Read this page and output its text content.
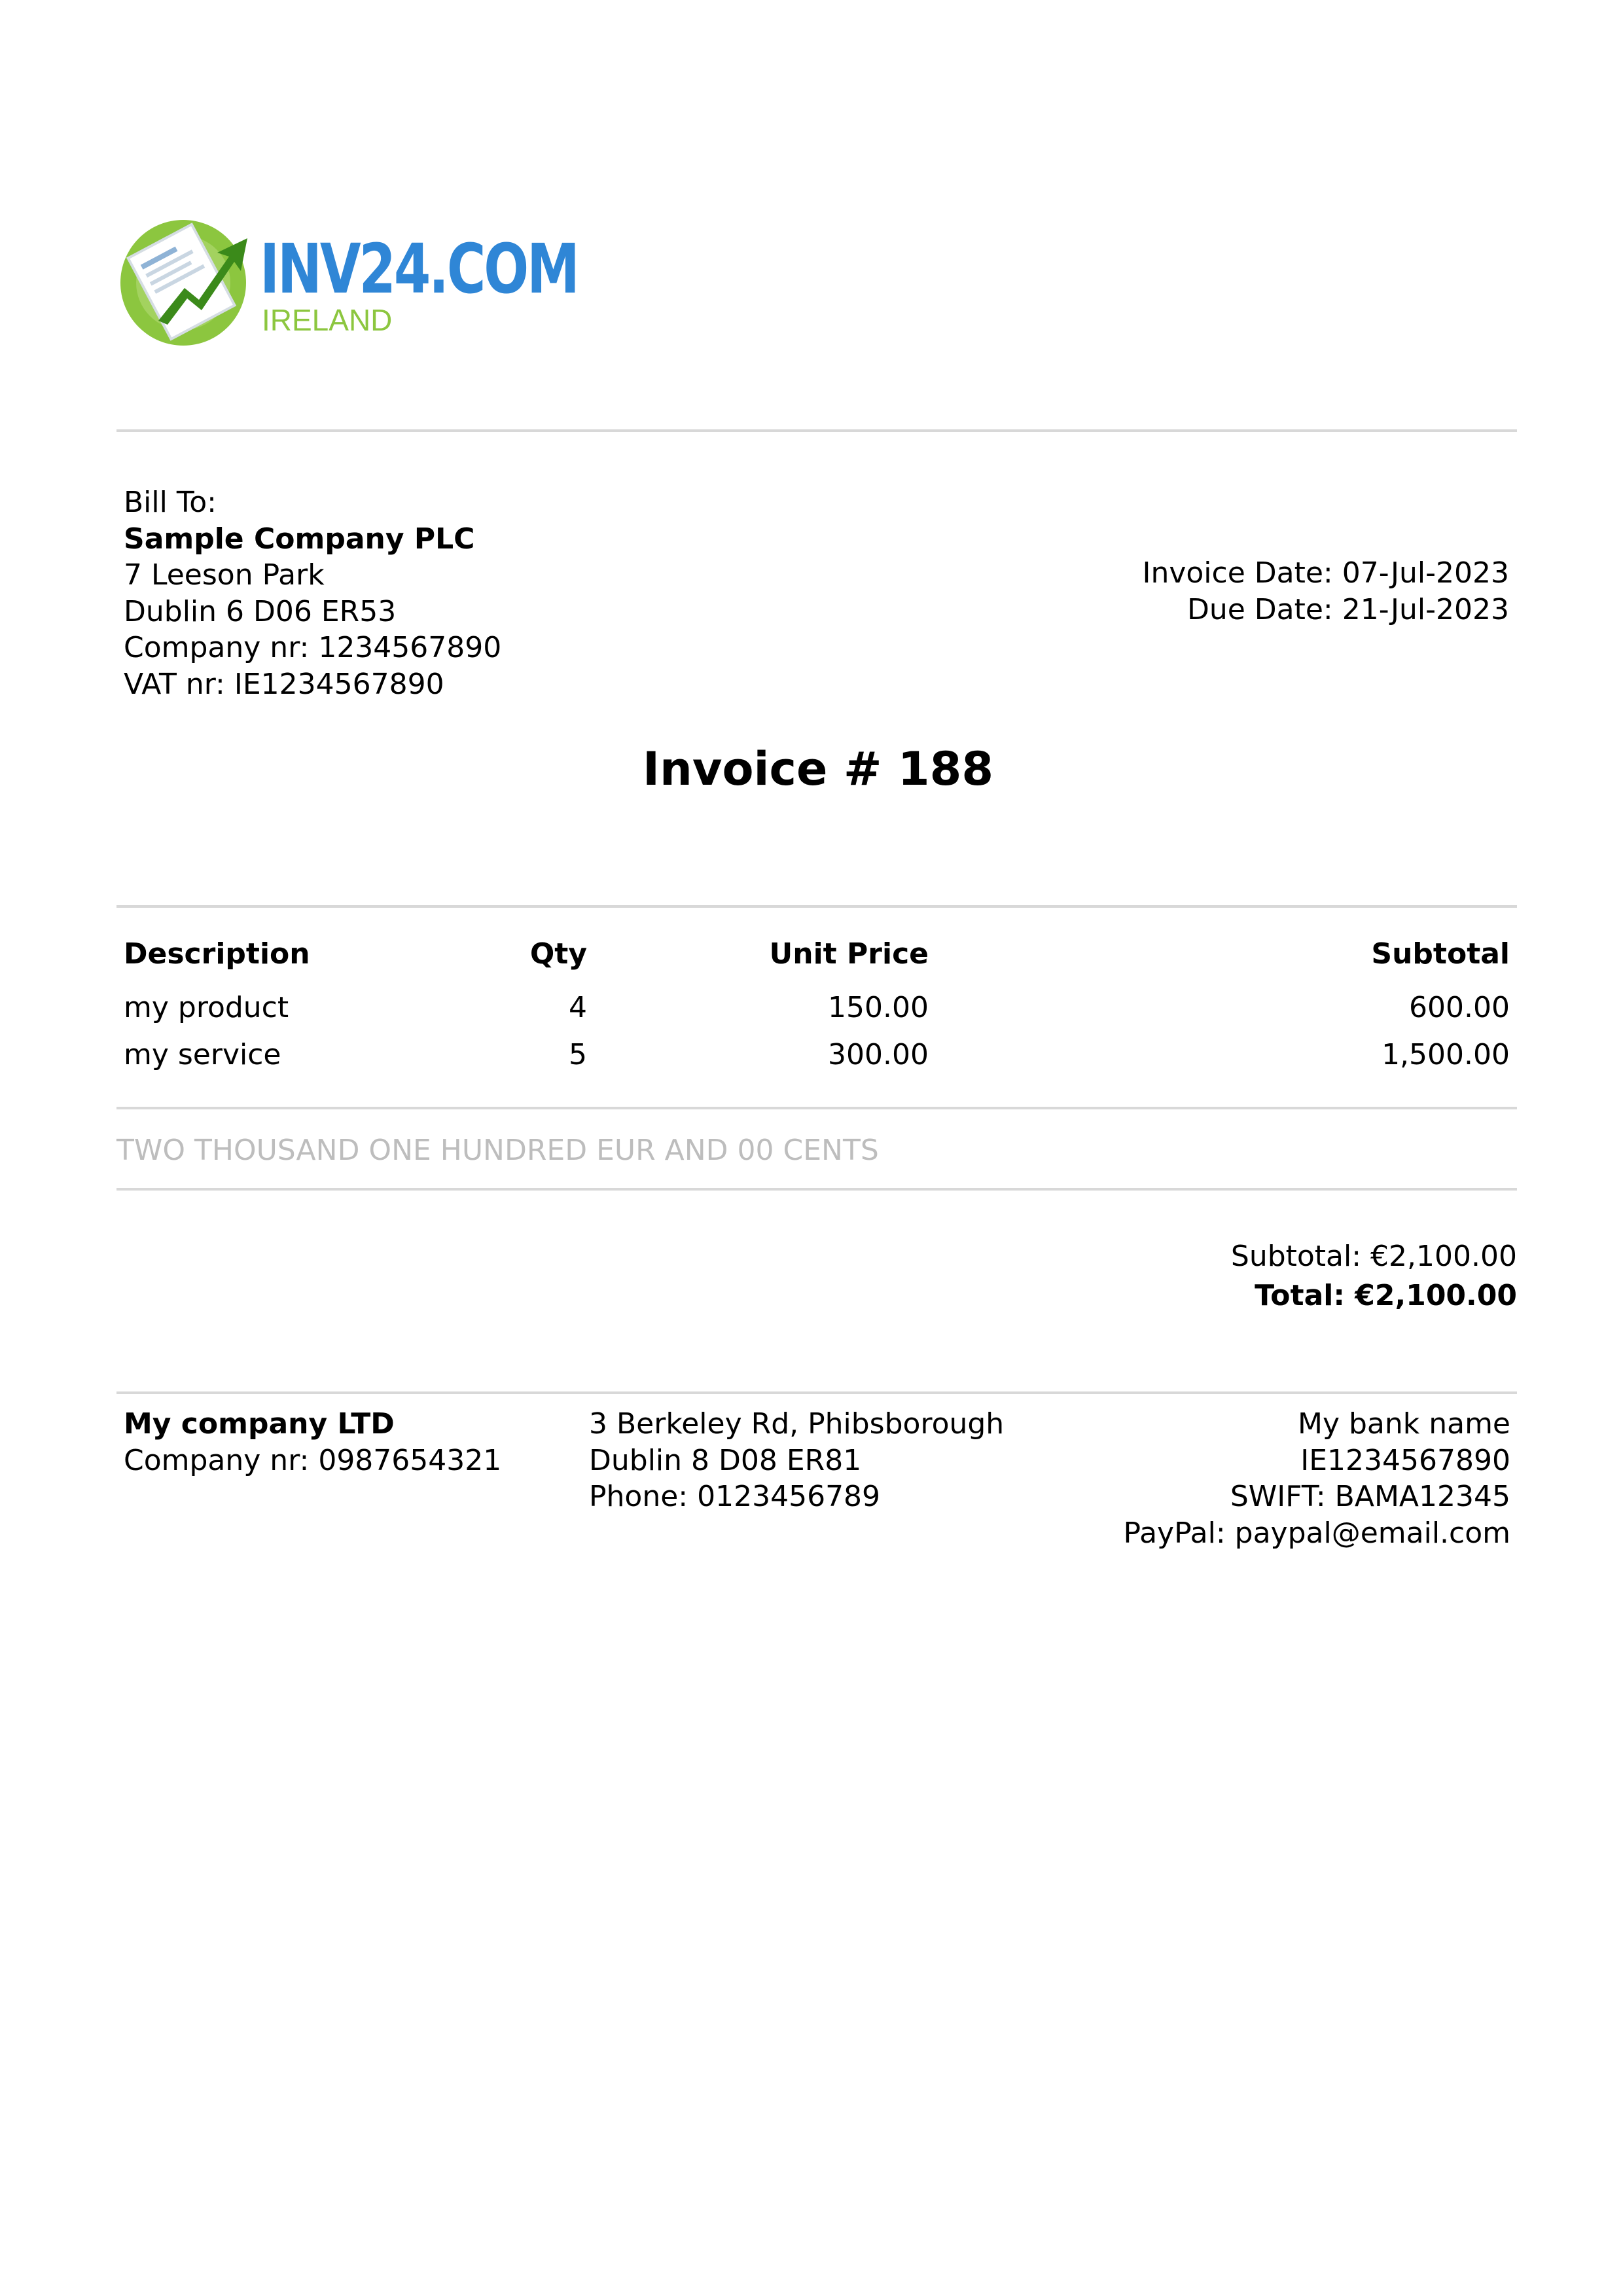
INV24.COM
IRELAND
Bill To:
Sample Company PLC
7 Leeson Park
Dublin 6 D06 ER53
Company nr: 1234567890
VAT nr: IE1234567890
Invoice Date: 07-Jul-2023
Due Date: 21-Jul-2023
Invoice # 188
Description	Qty	Unit Price	Subtotal
my product	4	150.00	600.00
my service	5	300.00	1,500.00
TWO THOUSAND ONE HUNDRED EUR AND 00 CENTS
Subtotal: €2,100.00
Total: €2,100.00
My company LTD
Company nr: 0987654321
3 Berkeley Rd, Phibsborough
Dublin 8 D08 ER81
Phone: 0123456789
My bank name
IE1234567890
SWIFT: BAMA12345
PayPal: paypal@email.com
